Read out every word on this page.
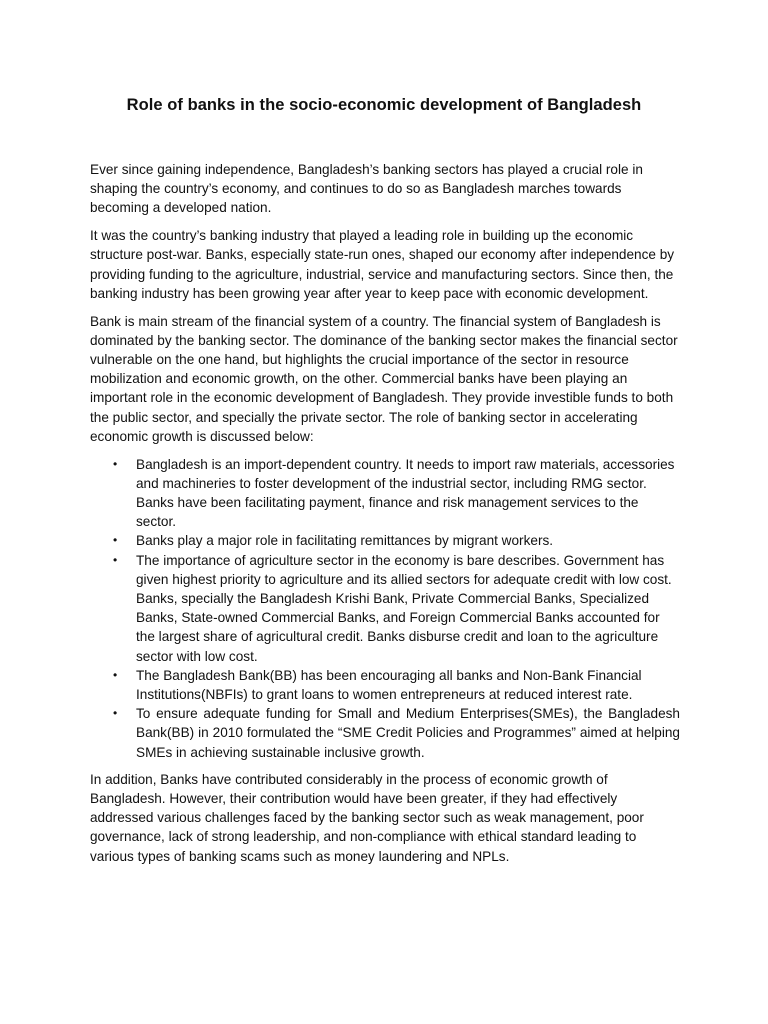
Role of banks in the socio-economic development of Bangladesh

Ever since gaining independence, Bangladesh’s banking sectors has played a crucial role in shaping the country’s economy, and continues to do so as Bangladesh marches towards becoming a developed nation.

It was the country’s banking industry that played a leading role in building up the economic structure post-war. Banks, especially state-run ones, shaped our economy after independence by providing funding to the agriculture, industrial, service and manufacturing sectors. Since then, the banking industry has been growing year after year to keep pace with economic development.

Bank is main stream of the financial system of a country. The financial system of Bangladesh is dominated by the banking sector. The dominance of the banking sector makes the financial sector vulnerable on the one hand, but highlights the crucial importance of the sector in resource mobilization and economic growth, on the other. Commercial banks have been playing an important role in the economic development of Bangladesh. They provide investible funds to both the public sector, and specially the private sector. The role of banking sector in accelerating economic growth is discussed below:

•	Bangladesh is an import-dependent country. It needs to import raw materials, accessories and machineries to foster development of the industrial sector, including RMG sector. Banks have been facilitating payment, finance and risk management services to the sector.
•	Banks play a major role in facilitating remittances by migrant workers.
•	The importance of agriculture sector in the economy is bare describes. Government has given highest priority to agriculture and its allied sectors for adequate credit with low cost. Banks, specially the Bangladesh Krishi Bank, Private Commercial Banks, Specialized Banks, State-owned Commercial Banks, and Foreign Commercial Banks accounted for the largest share of agricultural credit. Banks disburse credit and loan to the agriculture sector with low cost.
•	The Bangladesh Bank(BB) has been encouraging all banks and Non-Bank Financial Institutions(NBFIs) to grant loans to women entrepreneurs at reduced interest rate.
•	To ensure adequate funding for Small and Medium Enterprises(SMEs), the Bangladesh Bank(BB) in 2010 formulated the “SME Credit Policies and Programmes” aimed at helping SMEs in achieving sustainable inclusive growth.

In addition, Banks have contributed considerably in the process of economic growth of Bangladesh. However, their contribution would have been greater, if they had effectively addressed various challenges faced by the banking sector such as weak management, poor governance, lack of strong leadership, and non-compliance with ethical standard leading to various types of banking scams such as money laundering and NPLs.
